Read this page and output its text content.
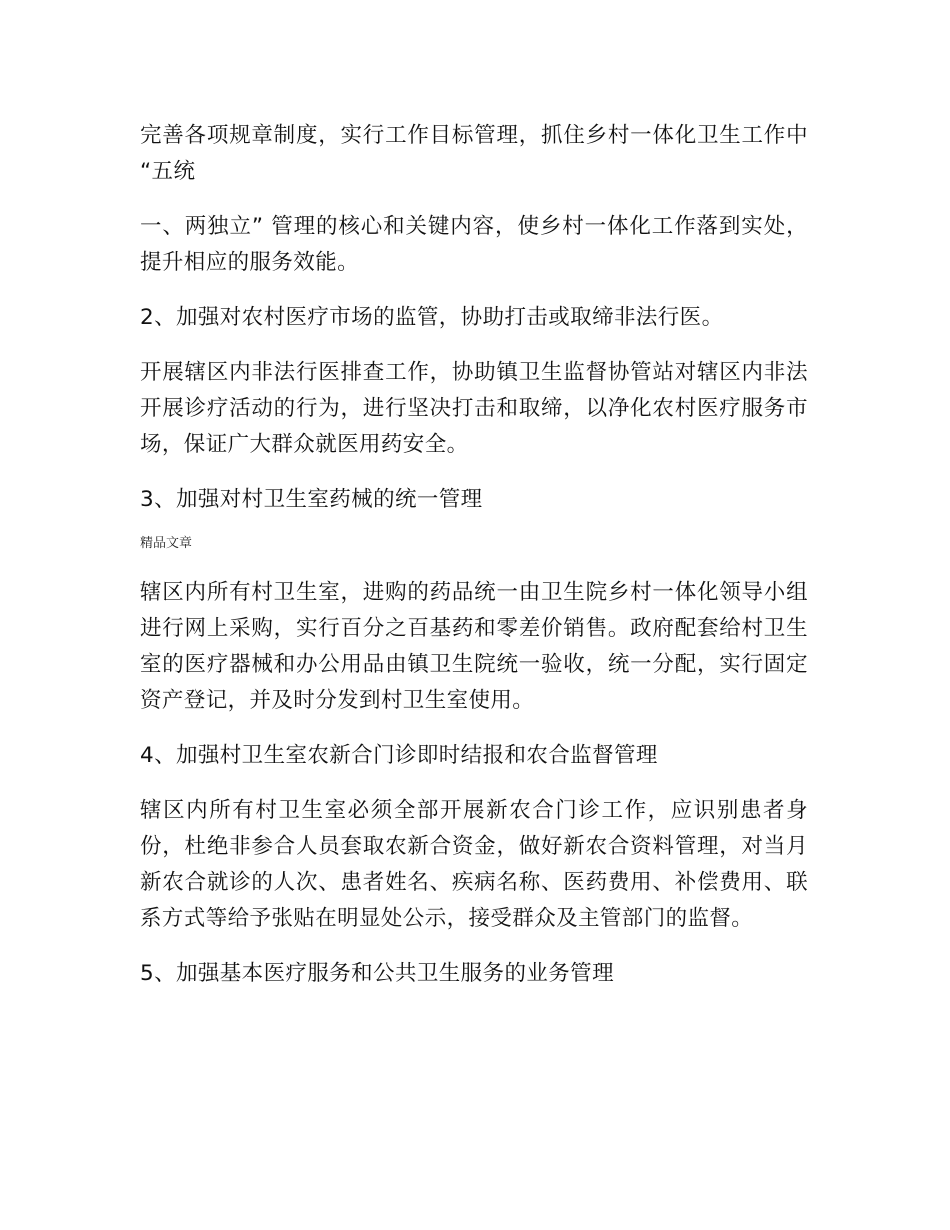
完善各项规章制度，实行工作目标管理，抓住乡村一体化卫生工作中 “五统

一、两独立” 管理的核心和关键内容，使乡村一体化工作落到实处，提升相应的服务效能。

2、加强对农村医疗市场的监管，协助打击或取缔非法行医。

开展辖区内非法行医排查工作，协助镇卫生监督协管站对辖区内非法开展诊疗活动的行为，进行坚决打击和取缔，以净化农村医疗服务市场，保证广大群众就医用药安全。

3、加强对村卫生室药械的统一管理

精品文章

辖区内所有村卫生室，进购的药品统一由卫生院乡村一体化领导小组进行网上采购，实行百分之百基药和零差价销售。政府配套给村卫生室的医疗器械和办公用品由镇卫生院统一验收，统一分配，实行固定资产登记，并及时分发到村卫生室使用。

4、加强村卫生室农新合门诊即时结报和农合监督管理

辖区内所有村卫生室必须全部开展新农合门诊工作，应识别患者身份，杜绝非参合人员套取农新合资金，做好新农合资料管理，对当月新农合就诊的人次、患者姓名、疾病名称、医药费用、补偿费用、联系方式等给予张贴在明显处公示，接受群众及主管部门的监督。

5、加强基本医疗服务和公共卫生服务的业务管理
